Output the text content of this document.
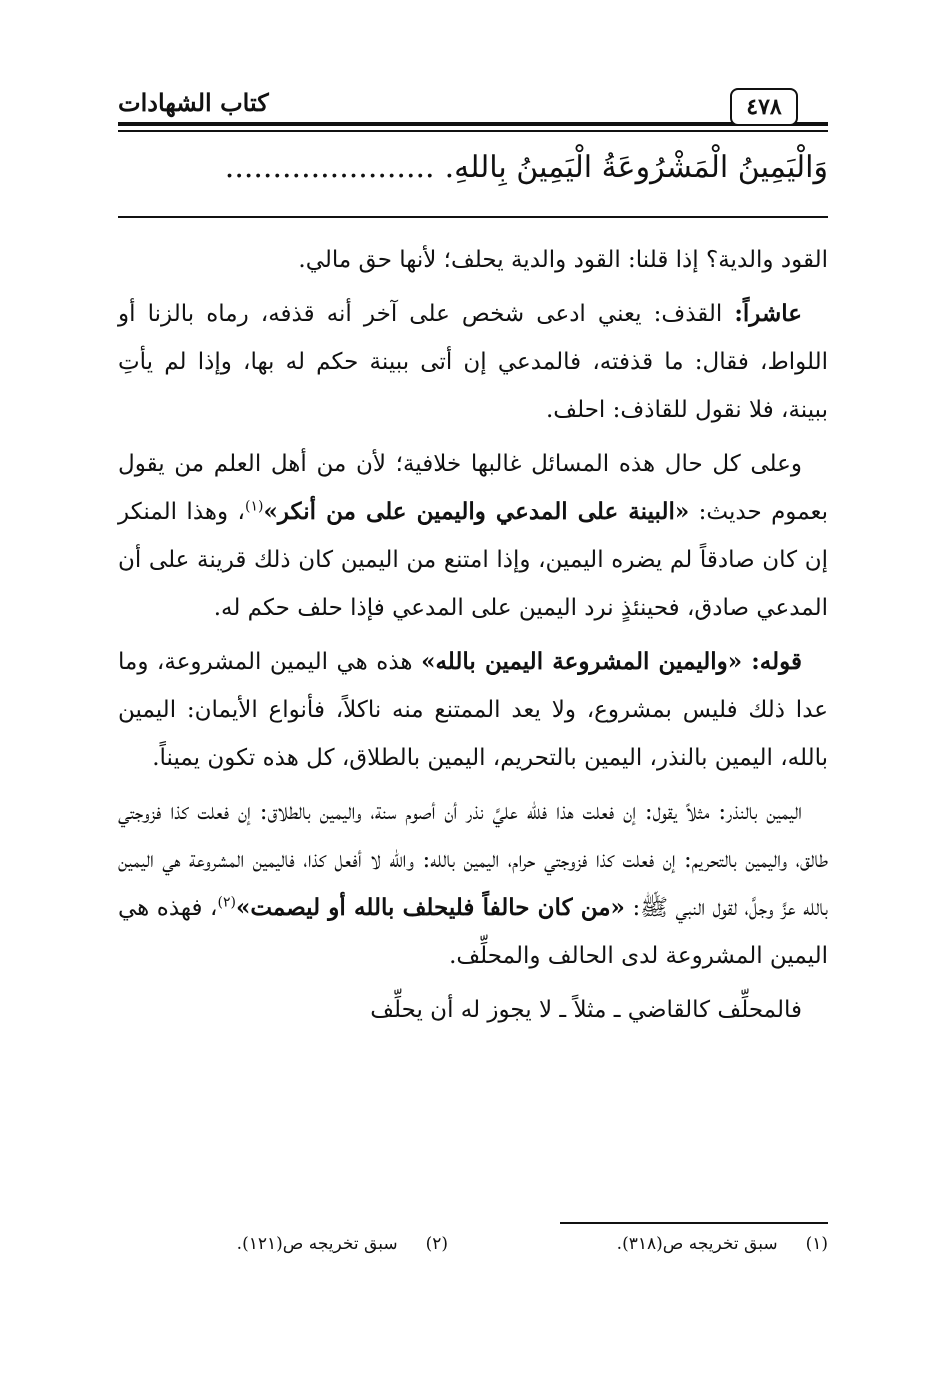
كتاب الشهادات	٤٧٨
وَالْيَمِينُ الْمَشْرُوعَةُ الْيَمِينُ بِاللهِ.......................

القود والدية؟ إذا قلنا: القود والدية يحلف؛ لأنها حق مالي.

عاشراً: القذف: يعني ادعى شخص على آخر أنه قذفه، رماه بالزنا أو اللواط، فقال: ما قذفته، فالمدعي إن أتى ببينة حكم له بها، وإذا لم يأتِ ببينة، فلا نقول للقاذف: احلف.

وعلى كل حال هذه المسائل غالبها خلافية؛ لأن من أهل العلم من يقول بعموم حديث: «البينة على المدعي واليمين على من أنكر»$^{(١)}$، وهذا المنكر إن كان صادقاً لم يضره اليمين، وإذا امتنع من اليمين كان ذلك قرينة على أن المدعي صادق، فحينئذٍ نرد اليمين على المدعي فإذا حلف حكم له.

قوله: «واليمين المشروعة اليمين بالله» هذه هي اليمين المشروعة، وما عدا ذلك فليس بمشروع، ولا يعد الممتنع منه ناكلاً، فأنواع الأيمان: اليمين بالله، اليمين بالنذر، اليمين بالتحريم، اليمين بالطلاق، كل هذه تكون يميناً.

اليمين بالنذر: مثلاً يقول: إن فعلت هذا فللّه عليَّ نذر أن أصوم سنة، واليمين بالطلاق: إن فعلت كذا فزوجتي طالق، واليمين بالتحريم: إن فعلت كذا فزوجتي حرام، اليمين بالله: والله لا أفعل كذا، فاليمين المشروعة هي اليمين بالله عزَّ وجلَّ، لقول النبي ﷺ: «من كان حالفاً فليحلف بالله أو ليصمت»$^{(٢)}$، فهذه هي اليمين المشروعة لدى الحالف والمحلِّف.

فالمحلِّف كالقاضي ـ مثلاً ـ لا يجوز له أن يحلِّف

(١)سبق تخريجه ص(٣١٨).
(٢)سبق تخريجه ص(١٢١).
